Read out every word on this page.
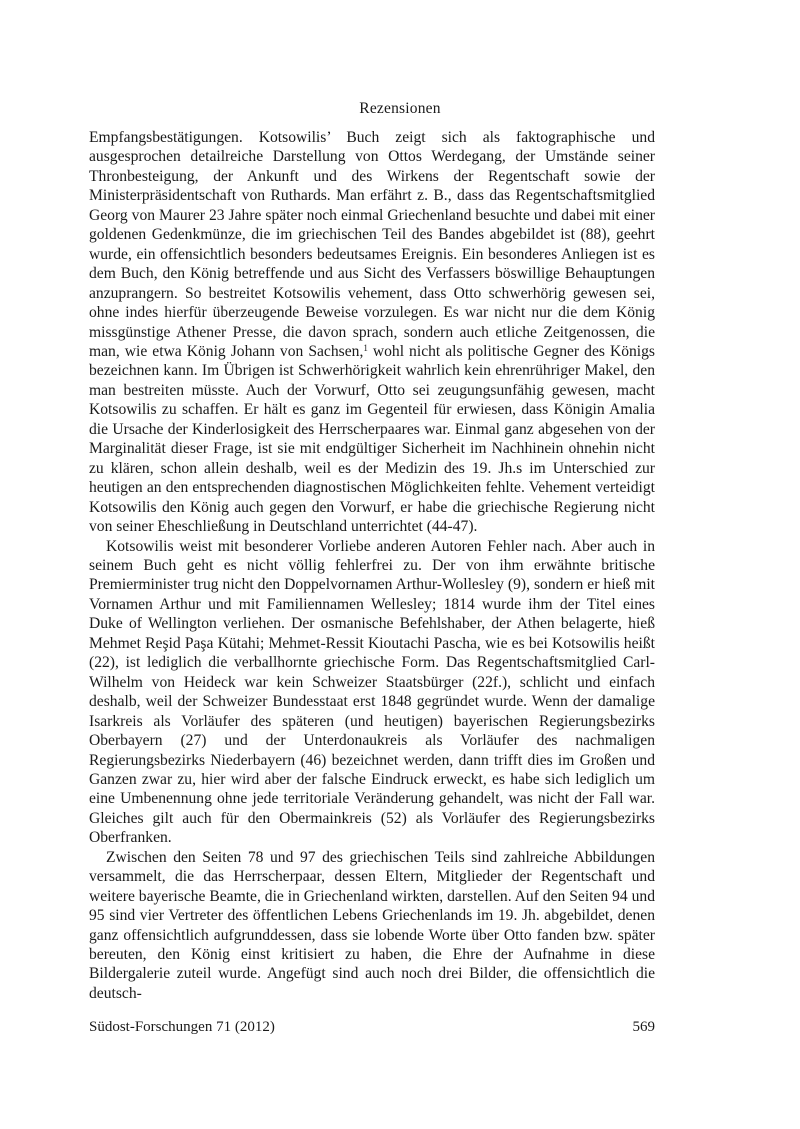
Rezensionen

Empfangsbestätigungen. Kotsowilis’ Buch zeigt sich als faktographische und ausgesprochen detailreiche Darstellung von Ottos Werdegang, der Umstände seiner Thronbesteigung, der Ankunft und des Wirkens der Regentschaft sowie der Ministerpräsidentschaft von Ruthards. Man erfährt z. B., dass das Regentschaftsmitglied Georg von Maurer 23 Jahre später noch einmal Griechenland besuchte und dabei mit einer goldenen Gedenkmünze, die im griechischen Teil des Bandes abgebildet ist (88), geehrt wurde, ein offensichtlich besonders bedeutsames Ereignis. Ein besonderes Anliegen ist es dem Buch, den König betreffende und aus Sicht des Verfassers böswillige Behauptungen anzuprangern. So bestreitet Kotsowilis vehement, dass Otto schwerhörig gewesen sei, ohne indes hierfür überzeugende Beweise vorzulegen. Es war nicht nur die dem König missgünstige Athener Presse, die davon sprach, sondern auch etliche Zeitgenossen, die man, wie etwa König Johann von Sachsen,$^1$ wohl nicht als politische Gegner des Königs bezeichnen kann. Im Übrigen ist Schwerhörigkeit wahrlich kein ehrenrühriger Makel, den man bestreiten müsste. Auch der Vorwurf, Otto sei zeugungsunfähig gewesen, macht Kotsowilis zu schaffen. Er hält es ganz im Gegenteil für erwiesen, dass Königin Amalia die Ursache der Kinderlosigkeit des Herrscherpaares war. Einmal ganz abgesehen von der Marginalität dieser Frage, ist sie mit endgültiger Sicherheit im Nachhinein ohnehin nicht zu klären, schon allein deshalb, weil es der Medizin des 19. Jh.s im Unterschied zur heutigen an den entsprechenden diagnostischen Möglichkeiten fehlte. Vehement verteidigt Kotsowilis den König auch gegen den Vorwurf, er habe die griechische Regierung nicht von seiner Eheschließung in Deutschland unterrichtet (44-47).

Kotsowilis weist mit besonderer Vorliebe anderen Autoren Fehler nach. Aber auch in seinem Buch geht es nicht völlig fehlerfrei zu. Der von ihm erwähnte britische Premierminister trug nicht den Doppelvornamen Arthur-Wollesley (9), sondern er hieß mit Vornamen Arthur und mit Familiennamen Wellesley; 1814 wurde ihm der Titel eines Duke of Wellington verliehen. Der osmanische Befehlshaber, der Athen belagerte, hieß Mehmet Reşid Paşa Kütahi; Mehmet-Ressit Kioutachi Pascha, wie es bei Kotsowilis heißt (22), ist lediglich die verballhornte griechische Form. Das Regentschaftsmitglied Carl-Wilhelm von Heideck war kein Schweizer Staatsbürger (22f.), schlicht und einfach deshalb, weil der Schweizer Bundesstaat erst 1848 gegründet wurde. Wenn der damalige Isarkreis als Vorläufer des späteren (und heutigen) bayerischen Regierungsbezirks Oberbayern (27) und der Unterdonaukreis als Vorläufer des nachmaligen Regierungsbezirks Niederbayern (46) bezeichnet werden, dann trifft dies im Großen und Ganzen zwar zu, hier wird aber der falsche Eindruck erweckt, es habe sich lediglich um eine Umbenennung ohne jede territoriale Veränderung gehandelt, was nicht der Fall war. Gleiches gilt auch für den Obermainkreis (52) als Vorläufer des Regierungsbezirks Oberfranken.

Zwischen den Seiten 78 und 97 des griechischen Teils sind zahlreiche Abbildungen versammelt, die das Herrscherpaar, dessen Eltern, Mitglieder der Regentschaft und weitere bayerische Beamte, die in Griechenland wirkten, darstellen. Auf den Seiten 94 und 95 sind vier Vertreter des öffentlichen Lebens Griechenlands im 19. Jh. abgebildet, denen ganz offensichtlich aufgrunddessen, dass sie lobende Worte über Otto fanden bzw. später bereuten, den König einst kritisiert zu haben, die Ehre der Aufnahme in diese Bildergalerie zuteil wurde. Angefügt sind auch noch drei Bilder, die offensichtlich die deutsch-

Südost-Forschungen 71 (2012)	569
